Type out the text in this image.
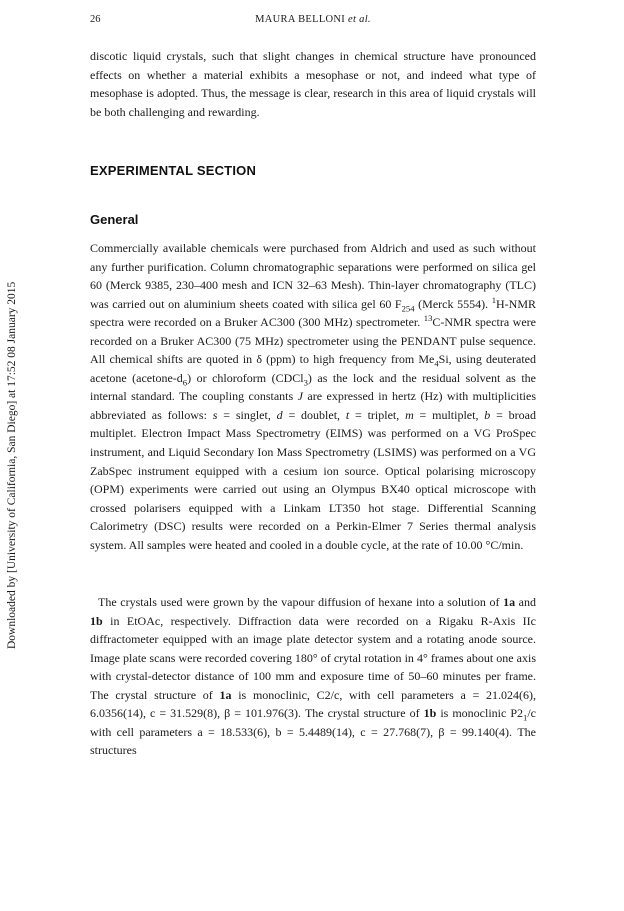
26	MAURA BELLONI et al.
Downloaded by [University of California, San Diego] at 17:52 08 January 2015

discotic liquid crystals, such that slight changes in chemical structure have pronounced effects on whether a material exhibits a mesophase or not, and indeed what type of mesophase is adopted. Thus, the message is clear, research in this area of liquid crystals will be both challenging and rewarding.

EXPERIMENTAL SECTION
General

Commercially available chemicals were purchased from Aldrich and used as such without any further purification. Column chromatographic separations were performed on silica gel 60 (Merck 9385, 230–400 mesh and ICN 32–63 Mesh). Thin-layer chromatography (TLC) was carried out on aluminium sheets coated with silica gel 60 $F_{254}$ (Merck 5554). $^1$H-NMR spectra were recorded on a Bruker AC300 (300 MHz) spectrometer. $^{13}$C-NMR spectra were recorded on a Bruker AC300 (75 MHz) spectrometer using the PENDANT pulse sequence. All chemical shifts are quoted in δ (ppm) to high frequency from $Me_4Si$, using deuterated acetone $(acetone-d_6)$ or chloroform (CDCl$_3$) as the lock and the residual solvent as the internal standard. The coupling constants J are expressed in hertz (Hz) with multiplicities abbreviated as follows: s = singlet, d = doublet, t = triplet, m = multiplet, b = broad multiplet. Electron Impact Mass Spectrometry (EIMS) was performed on a VG ProSpec instrument, and Liquid Secondary Ion Mass Spectrometry (LSIMS) was performed on a VG ZabSpec instrument equipped with a cesium ion source. Optical polarising microscopy (OPM) experiments were carried out using an Olympus BX40 optical microscope with crossed polarisers equipped with a Linkam LT350 hot stage. Differential Scanning Calorimetry (DSC) results were recorded on a Perkin-Elmer 7 Series thermal analysis system. All samples were heated and cooled in a double cycle, at the rate of 10.00 °C/min.

The crystals used were grown by the vapour diffusion of hexane into a solution of 1a and 1b in EtOAc, respectively. Diffraction data were recorded on a Rigaku R-Axis IIc diffractometer equipped with an image plate detector system and a rotating anode source. Image plate scans were recorded covering 180° of crytal rotation in 4° frames about one axis with crystal-detector distance of 100 mm and exposure time of 50–60 minutes per frame. The crystal structure of 1a is monoclinic, C2/c, with cell parameters a = 21.024(6), 6.0356(14), c = 31.529(8), β = 101.976(3). The crystal structure of 1b is monoclinic $P2_1/c$ with cell parameters a = 18.533(6), b = 5.4489(14), c = 27.768(7), β = 99.140(4). The structures
